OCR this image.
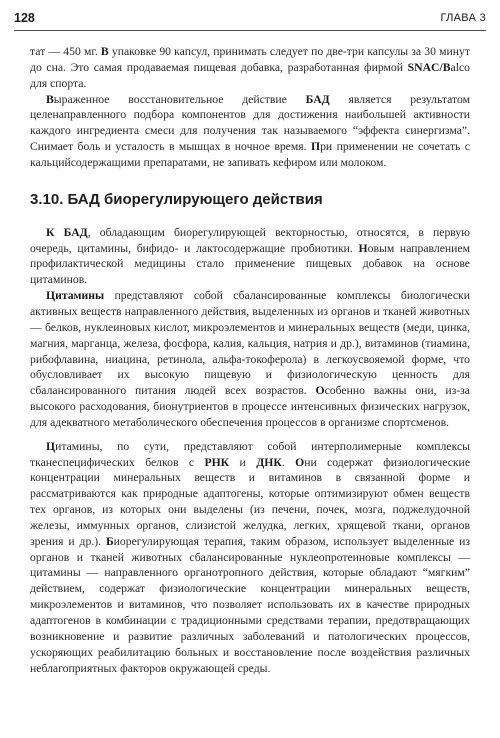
128	ГЛАВА 3

тат — 450 мг. В упаковке 90 капсул, принимать следует по две-три капсулы за 30 минут до сна. Это самая продаваемая пищевая добавка, разработанная фирмой SNAC/Balco для спорта.

Выраженное восстановительное действие БАД является результатом целенаправленного подбора компонентов для достижения наибольшей активности каждого ингредиента смеси для получения так называемого “эффекта синергизма”. Снимает боль и усталость в мышцах в ночное время. При применении не сочетать с кальцийсодержащими препаратами, не запивать кефиром или молоком.

3.10. БАД биорегулирующего действия

К БАД, обладающим биорегулирующей векторностью, относятся, в первую очередь, цитамины, бифидо- и лактосодержащие пробиотики. Новым направлением профилактической медицины стало применение пищевых добавок на основе цитаминов.

Цитамины представляют собой сбалансированные комплексы биологически активных веществ направленного действия, выделенных из органов и тканей животных — белков, нуклеиновых кислот, микроэлементов и минеральных веществ (меди, цинка, магния, марганца, железа, фосфора, калия, кальция, натрия и др.), витаминов (тиамина, рибофлавина, ниацина, ретинола, альфа-токоферола) в легкоусвояемой форме, что обусловливает их высокую пищевую и физиологическую ценность для сбалансированного питания людей всех возрастов. Особенно важны они, из-за высокого расходования, бионутриентов в процессе интенсивных физических нагрузок, для адекватного метаболического обеспечения процессов в организме спортсменов.

Цитамины, по сути, представляют собой интерполимерные комплексы тканеспецифических белков с РНК и ДНК. Они содержат физиологические концентрации минеральных веществ и витаминов в связанной форме и рассматриваются как природные адаптогены, которые оптимизируют обмен веществ тех органов, из которых они выделены (из печени, почек, мозга, поджелудочной железы, иммунных органов, слизистой желудка, легких, хрящевой ткани, органов зрения и др.). Биорегулирующая терапия, таким образом, использует выделенные из органов и тканей животных сбалансированные нуклеопротеиновые комплексы — цитамины — направленного органотропного действия, которые обладают “мягким” действием, содержат физиологические концентрации минеральных веществ, микроэлементов и витаминов, что позволяет использовать их в качестве природных адаптогенов в комбинации с традиционными средствами терапии, предотвращающих возникновение и развитие различных заболеваний и патологических процессов, ускоряющих реабилитацию больных и восстановление после воздействия различных неблагоприятных факторов окружающей среды.
